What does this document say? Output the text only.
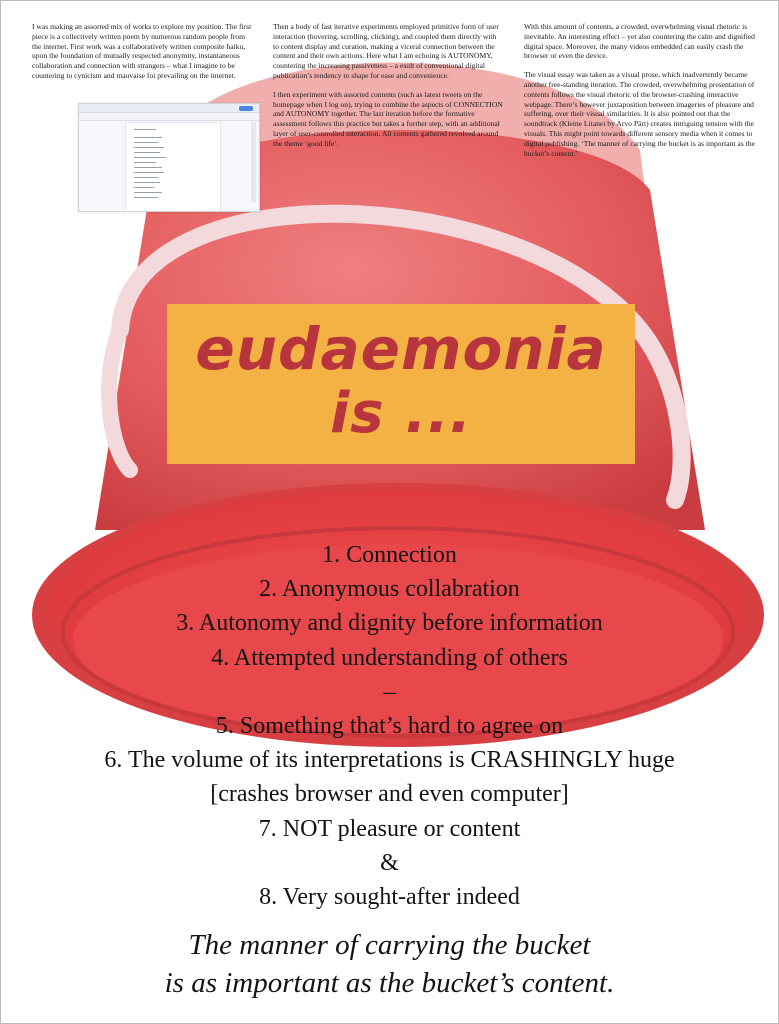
I was making an assorted mix of works to explore my position. The first piece is a collectively written poem by numerous random people from the internet. First work was a collaboratively written composite haiku, upon the foundation of mutually respected anonymity, instantaneous collaboration and connection with strangers – what I imagine to be countering to cynicism and mauvaise foi prevailing on the internet.

Then a body of fast iterative experiments employed primitive form of user interaction (hovering, scrolling, clicking), and coupled them directly with to content display and curation, making a viceral connection between the content and their own actions. Here what I am echoing is AUTONOMY, countering the increasing passiveness – a esult of conventional digital publication’s tendency to shape for ease and convenience.

I then experiment with assorted contents (such as latest tweets on the homepage when I log on), trying to combine the aspects of CONNECTION and AUTONOMY together. The last iteration before the formative assessment follows this practice but takes a further step, with an additional layer of user-controlled interaction. All contents gathered revolved around the theme ‘good life’.

With this amount of contents, a crowded, overwhelming visual rhetoric is inevitable. An interesting effect – yet also countering the calm and dignified digital space. Moreover, the many videos embedded can easily crash the browser or even the device.

The visual essay was taken as a visual prose, which inadvertently became another free-standing iteration. The crowded, overwhelming presentation of contents follows the visual rhetoric of the browser-crashing interactive webpage. There’s however juxtaposition between imageries of pleasure and suffering, over their visual similarities. It is also pointed out that the soundtrack (Kleine Litanei by Arvo Pärt) creates intriguing tension with the visuals. This might point towards different sensory media when it comes to digital publishing. ‘The manner of carrying the bucket is as important as the bucket’s content.’

eudaemonia
is ...
1. Connection
2. Anonymous collabration
3. Autonomy and dignity before information
4. Attempted understanding of others
–
5. Something that’s hard to agree on
6. The volume of its interpretations is CRASHINGLY huge
[crashes browser and even computer]
7. NOT pleasure or content
&
8. Very sought-after indeed
The manner of carrying the bucket
is as important as the bucket’s content.
